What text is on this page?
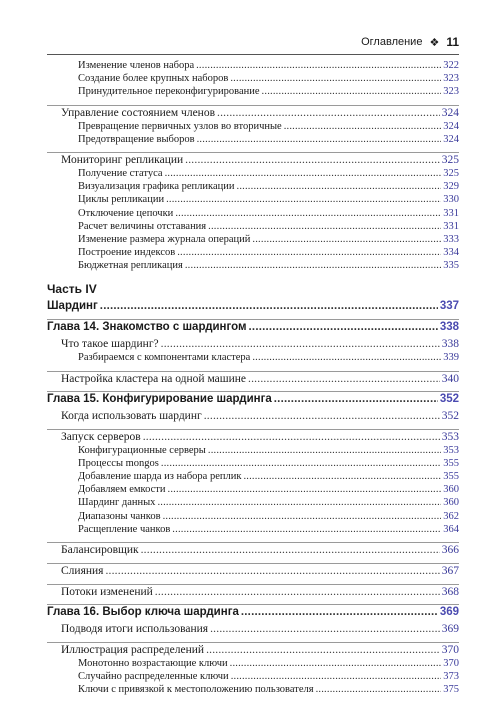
Оглавление ❖ 11
Изменение членов набора .....	322
Создание более крупных наборов .....	323
Принудительное переконфигурирование .....	323
Управление состоянием членов .....	324
Превращение первичных узлов во вторичные .....	324
Предотвращение выборов .....	324
Мониторинг репликации .....	325
Получение статуса .....	325
Визуализация графика репликации .....	329
Циклы репликации .....	330
Отключение цепочки .....	331
Расчет величины отставания .....	331
Изменение размера журнала операций .....	333
Построение индексов .....	334
Бюджетная репликация .....	335
Часть IV
Шардинг .....	337
Глава 14. Знакомство с шардингом .....	338
Что такое шардинг? .....	338
Разбираемся с компонентами кластера .....	339
Настройка кластера на одной машине .....	340
Глава 15. Конфигурирование шардинга .....	352
Когда использовать шардинг .....	352
Запуск серверов .....	353
Конфигурационные серверы .....	353
Процессы mongos .....	355
Добавление шарда из набора реплик .....	355
Добавляем емкости .....	360
Шардинг данных .....	360
Диапазоны чанков .....	362
Расщепление чанков .....	364
Балансировщик .....	366
Слияния .....	367
Потоки изменений .....	368
Глава 16. Выбор ключа шардинга .....	369
Подводя итоги использования .....	369
Иллюстрация распределений .....	370
Монотонно возрастающие ключи .....	370
Случайно распределенные ключи .....	373
Ключи с привязкой к местоположению пользователя .....	375
